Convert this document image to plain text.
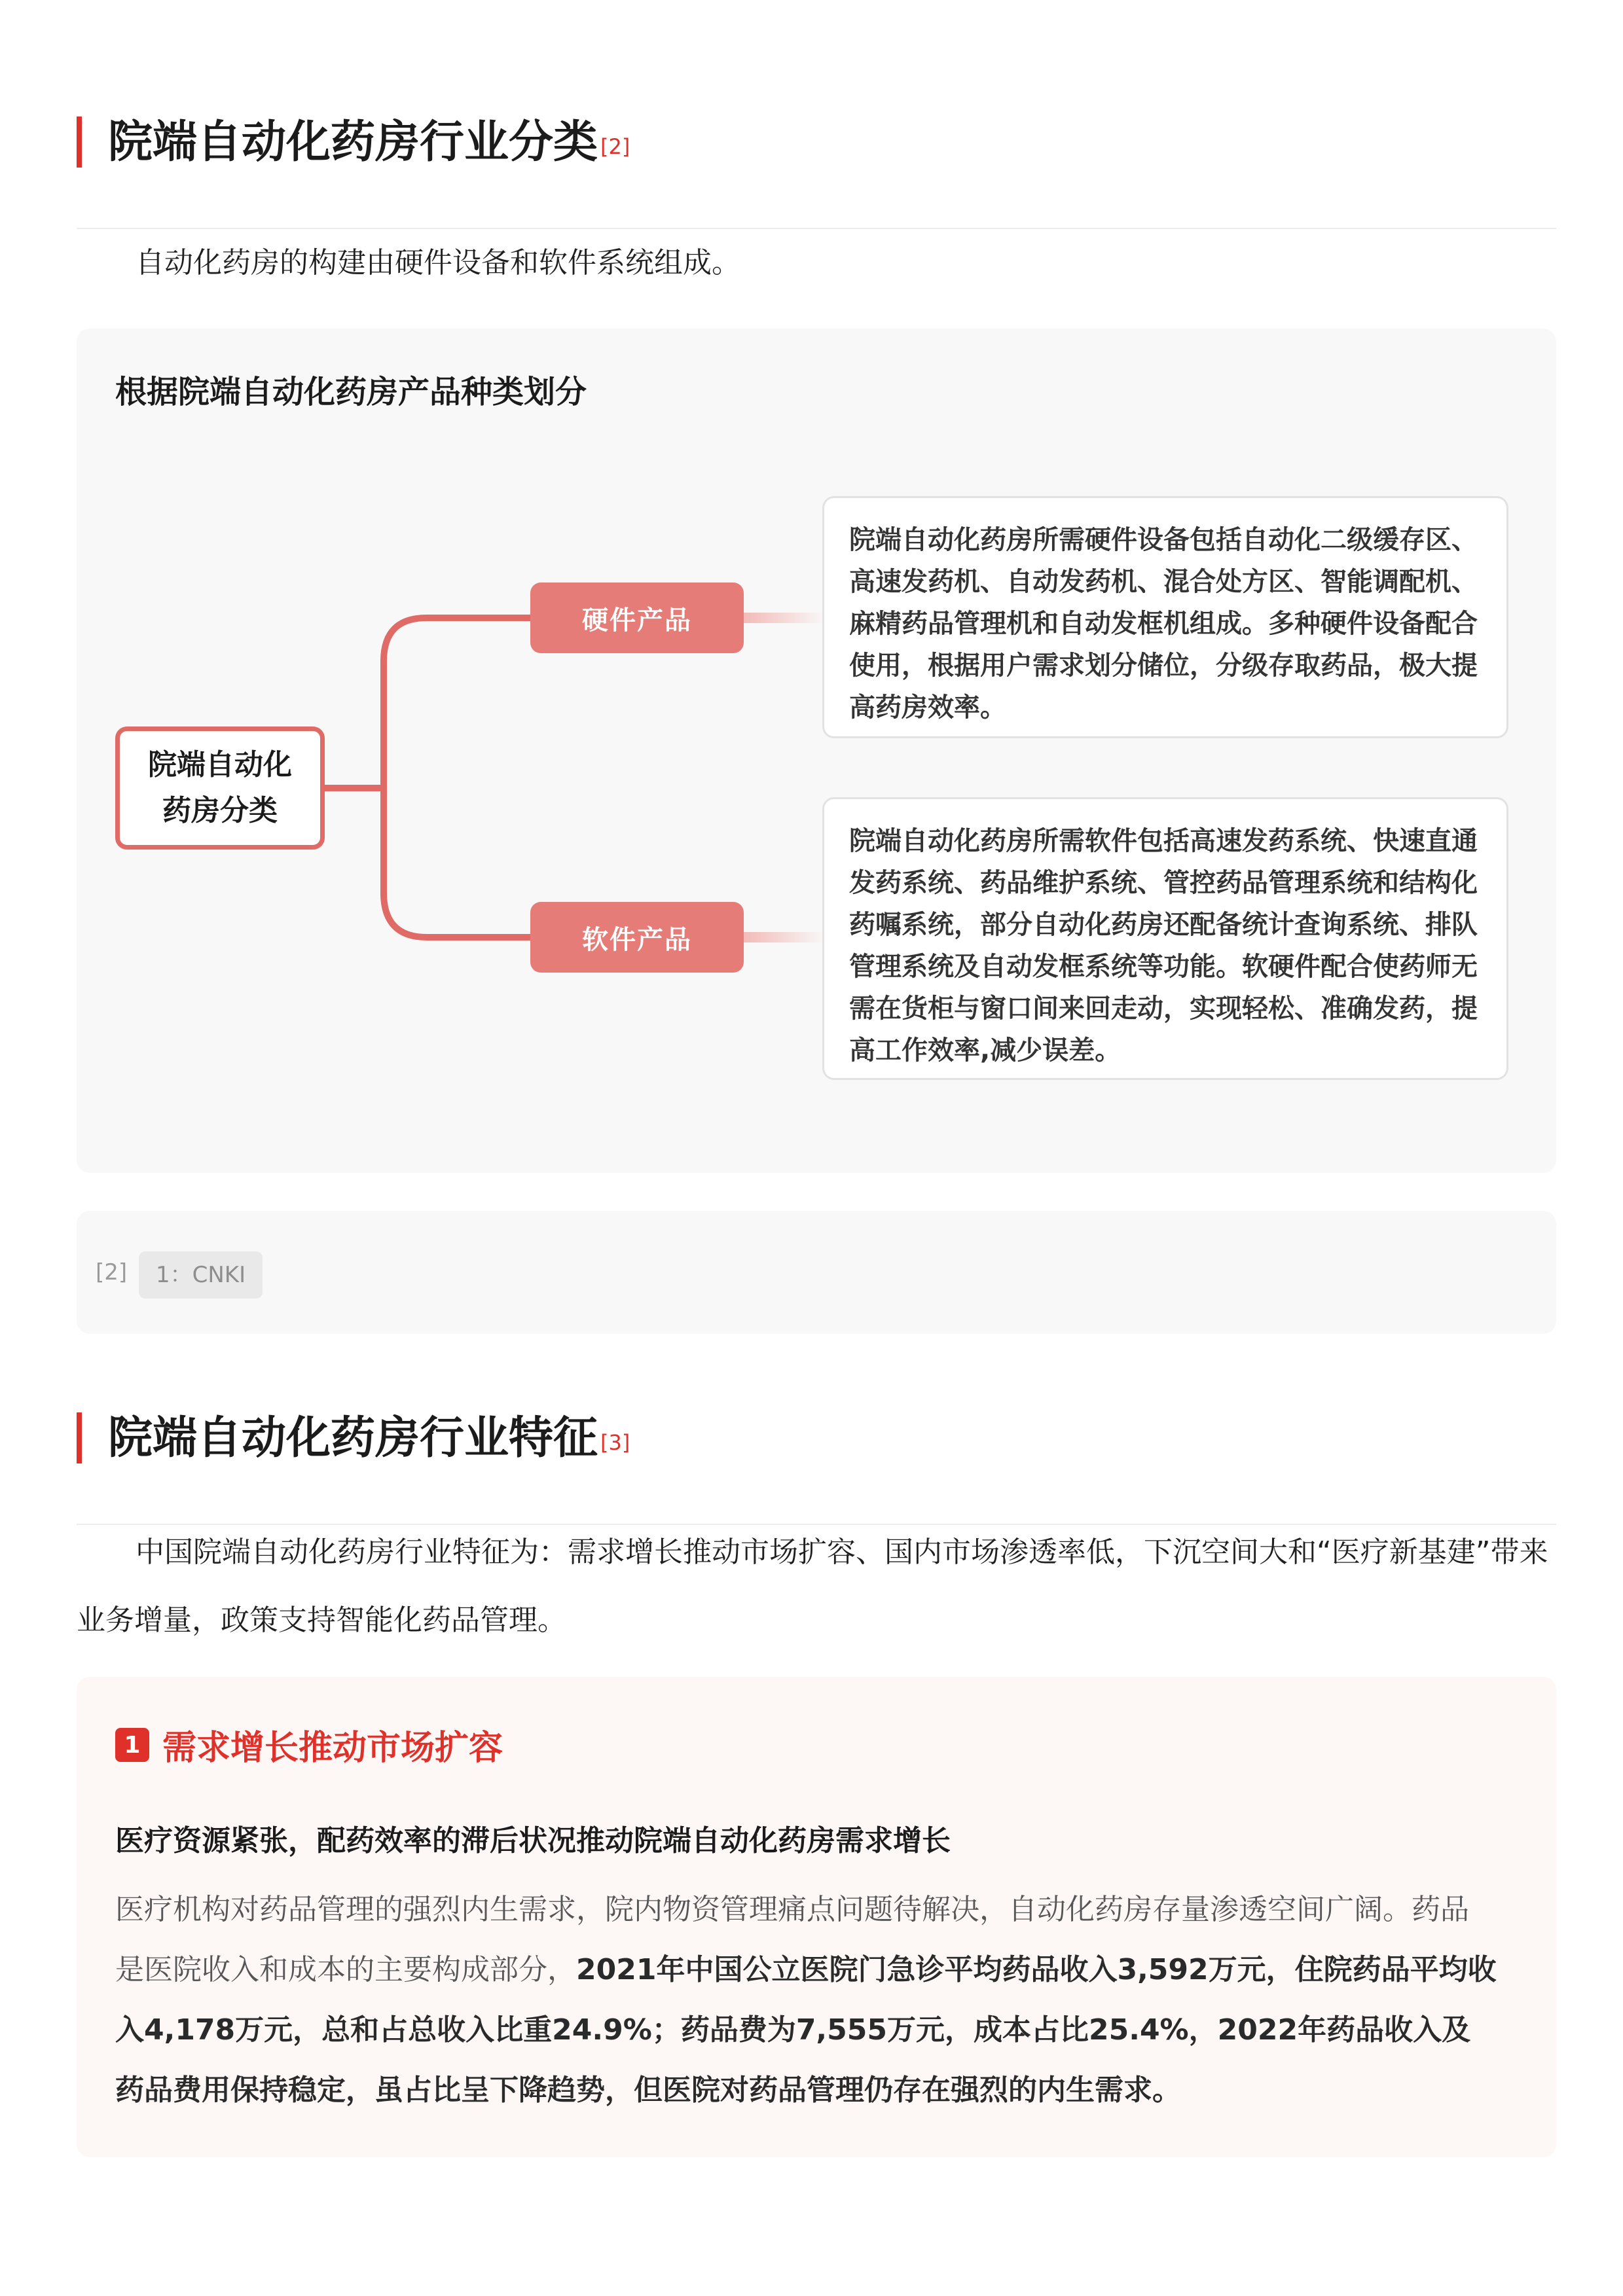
院端自动化药房行业分类 [2]
自动化药房的构建由硬件设备和软件系统组成。
根据院端自动化药房产品种类划分
院端自动化药房分类
硬件产品
软件产品
院端自动化药房所需硬件设备包括自动化二级缓存区、高速发药机、自动发药机、混合处方区、智能调配机、麻精药品管理机和自动发框机组成。多种硬件设备配合使用，根据用户需求划分储位，分级存取药品，极大提高药房效率。
院端自动化药房所需软件包括高速发药系统、快速直通发药系统、药品维护系统、管控药品管理系统和结构化药嘱系统，部分自动化药房还配备统计查询系统、排队管理系统及自动发框系统等功能。软硬件配合使药师无需在货柜与窗口间来回走动，实现轻松、准确发药，提高工作效率,减少误差。
[2]	1：CNKI
院端自动化药房行业特征 [3]
中国院端自动化药房行业特征为：需求增长推动市场扩容、国内市场渗透率低，下沉空间大和“医疗新基建”带来业务增量，政策支持智能化药品管理。
1 需求增长推动市场扩容
医疗资源紧张，配药效率的滞后状况推动院端自动化药房需求增长
医疗机构对药品管理的强烈内生需求，院内物资管理痛点问题待解决，自动化药房存量渗透空间广阔。药品是医院收入和成本的主要构成部分，2021年中国公立医院门急诊平均药品收入3,592万元，住院药品平均收入4,178万元，总和占总收入比重24.9%；药品费为7,555万元，成本占比25.4%，2022年药品收入及药品费用保持稳定，虽占比呈下降趋势，但医院对药品管理仍存在强烈的内生需求。
